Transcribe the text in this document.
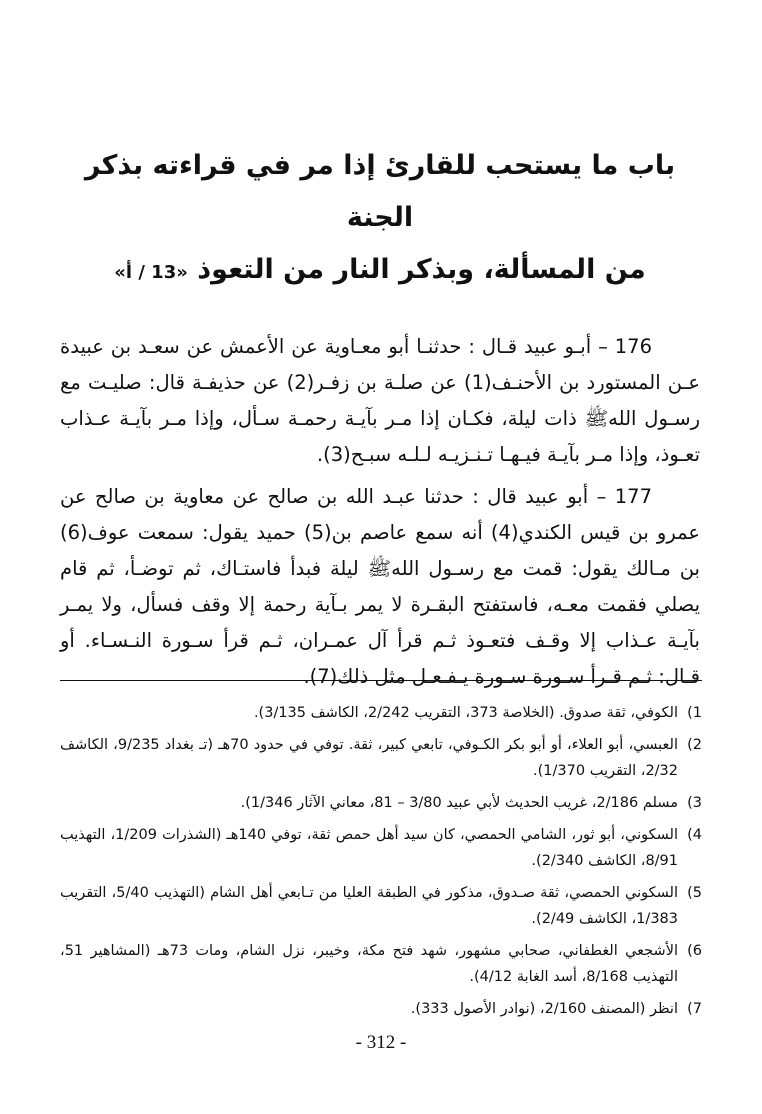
باب ما يستحب للقارئ إذا مر في قراءته بذكر الجنة
من المسألة، وبذكر النار من التعوذ «13 / أ»

176 – أبـو عبيد قـال : حدثنـا أبو معـاوية عن الأعمش عن سعـد بن عبيدة عـن المستورد بن الأحنـف(1) عن صلـة بن زفـر(2) عن حذيفـة قال: صليـت مع رسـول اللهﷺ ذات ليلة، فكـان إذا مـر بآيـة رحمـة سـأل، وإذا مـر بآيـة عـذاب تعـوذ، وإذا مـر بآيـة فيـهـا تـنـزيـه لـلـه سبـح(3).

177 – أبو عبيد قال : حدثنا عبـد الله بن صالح عن معاوية بن صالح عن عمرو بن قيس الكندي(4) أنه سمع عاصم بن(5) حميد يقول: سمعت عوف(6) بن مـالك يقول: قمت مع رسـول اللهﷺ ليلة فبدأ فاستـاك، ثم توضـأ، ثم قام يصلي فقمت معـه، فاستفتح البقـرة لا يمر بـآية رحمة إلا وقف فسأل، ولا يمـر بآيـة عـذاب إلا وقـف فتعـوذ ثـم قرأ آل عمـران، ثـم قرأ سـورة النـسـاء. أو قـال: ثـم قـرأ سـورة سـورة يـفـعـل مثل ذلك(7).

1)الكوفي، ثقة صدوق. (الخلاصة 373، التقريب 2/242، الكاشف 3/135).

2)العبسي، أبو العلاء، أو أبو بكر الكـوفي، تابعي كبير، ثقة. توفي في حدود 70هـ (تـ بغداد 9/235، الكاشف 2/32، التقريب 1/370).

3)مسلم 2/186، غريب الحديث لأبي عبيد 3/80 – 81، معاني الآثار 1/346).

4)السكوني، أبو ثور، الشامي الحمصي، كان سيد أهل حمص ثقة، توفي 140هـ (الشذرات 1/209، التهذيب 8/91، الكاشف 2/340).

5)السكوني الحمصي، ثقة صـدوق، مذكور في الطبقة العليا من تـابعي أهل الشام (التهذيب 5/40، التقريب 1/383، الكاشف 2/49).

6)الأشجعي الغطفاني، صحابي مشهور، شهد فتح مكة، وخيبر، نزل الشام، ومات 73هـ (المشاهير 51، التهذيب 8/168، أسد الغابة 4/12).

7)انظر (المصنف 2/160، (نوادر الأصول 333).

- 312 -
